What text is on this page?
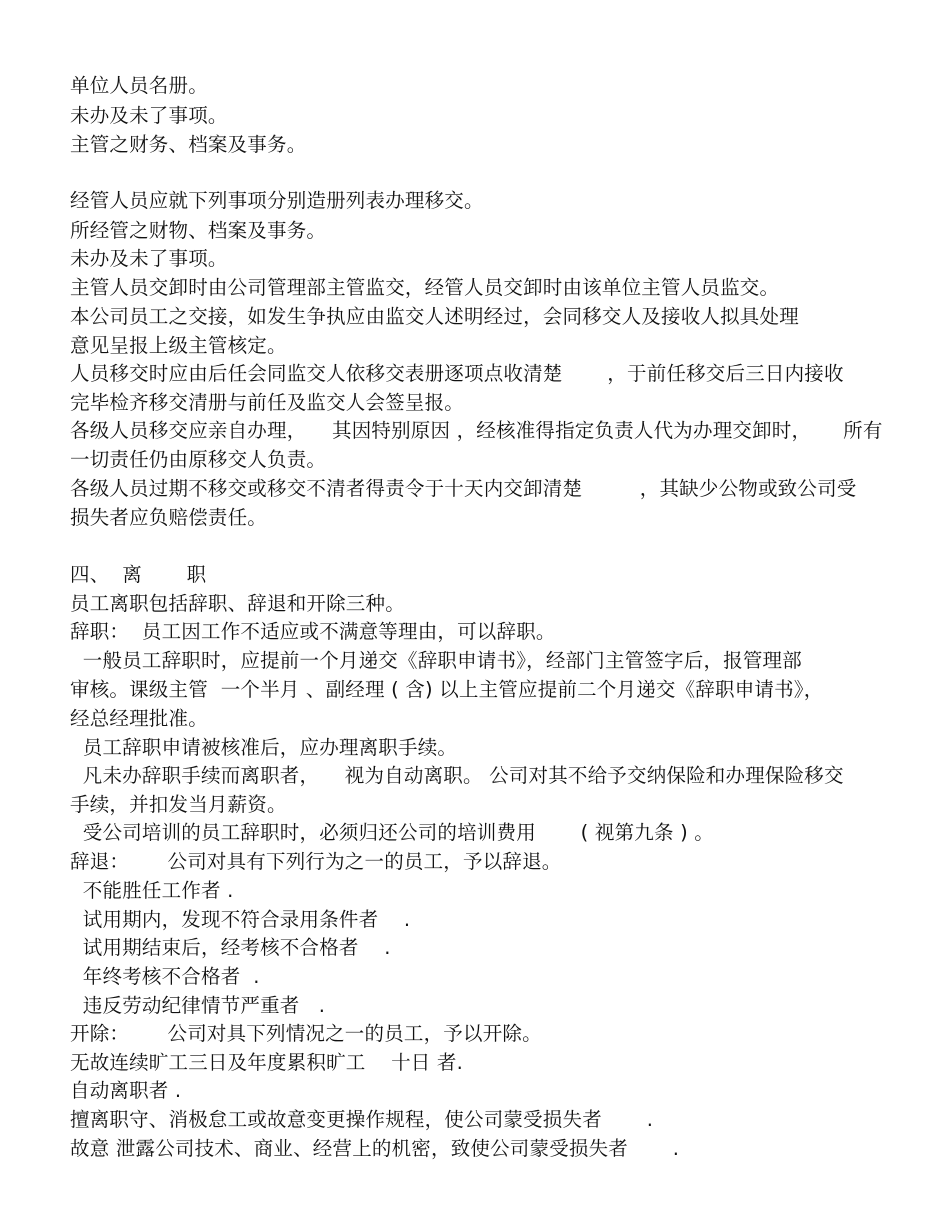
单位人员名册。
未办及未了事项。
主管之财务、档案及事务。
经管人员应就下列事项分别造册列表办理移交。
所经管之财物、档案及事务。
未办及未了事项。
主管人员交卸时由公司管理部主管监交，经管人员交卸时由该单位主管人员监交。
本公司员工之交接，如发生争执应由监交人述明经过，会同移交人及接收人拟具处理
意见呈报上级主管核定。
人员移交时应由后任会同监交人依移交表册逐项点收清楚       ，于前任移交后三日内接收
完毕检齐移交清册与前任及监交人会签呈报。
各级人员移交应亲自办理，    其因特别原因 ，经核准得指定负责人代为办理交卸时，     所有
一切责任仍由原移交人负责。
各级人员过期不移交或移交不清者得责令于十天内交卸清楚         ，其缺少公物或致公司受
损失者应负赔偿责任。
四、  离       职
员工离职包括辞职、辞退和开除三种。
辞职：  员工因工作不适应或不满意等理由，可以辞职。
一般员工辞职时，应提前一个月递交《辞职申请书》，经部门主管签字后，报管理部
审核。课级主管  一个半月 、副经理 ( 含) 以上主管应提前二个月递交《辞职申请书》，
经总经理批准。
员工辞职申请被核准后，应办理离职手续。
凡未办辞职手续而离职者，    视为自动离职。 公司对其不给予交纳保险和办理保险移交
手续，并扣发当月薪资。
受公司培训的员工辞职时，必须归还公司的培训费用       ( 视第九条 ) 。
辞退：      公司对具有下列行为之一的员工，予以辞退。
不能胜任工作者 .
试用期内，发现不符合录用条件者    .
试用期结束后，经考核不合格者    .
年终考核不合格者  .
违反劳动纪律情节严重者   .
开除：      公司对具下列情况之一的员工，予以开除。
无故连续旷工三日及年度累积旷工    十日 者.
自动离职者 .
擅离职守、消极怠工或故意变更操作规程，使公司蒙受损失者       .
故意 泄露公司技术、商业、经营上的机密，致使公司蒙受损失者       .
